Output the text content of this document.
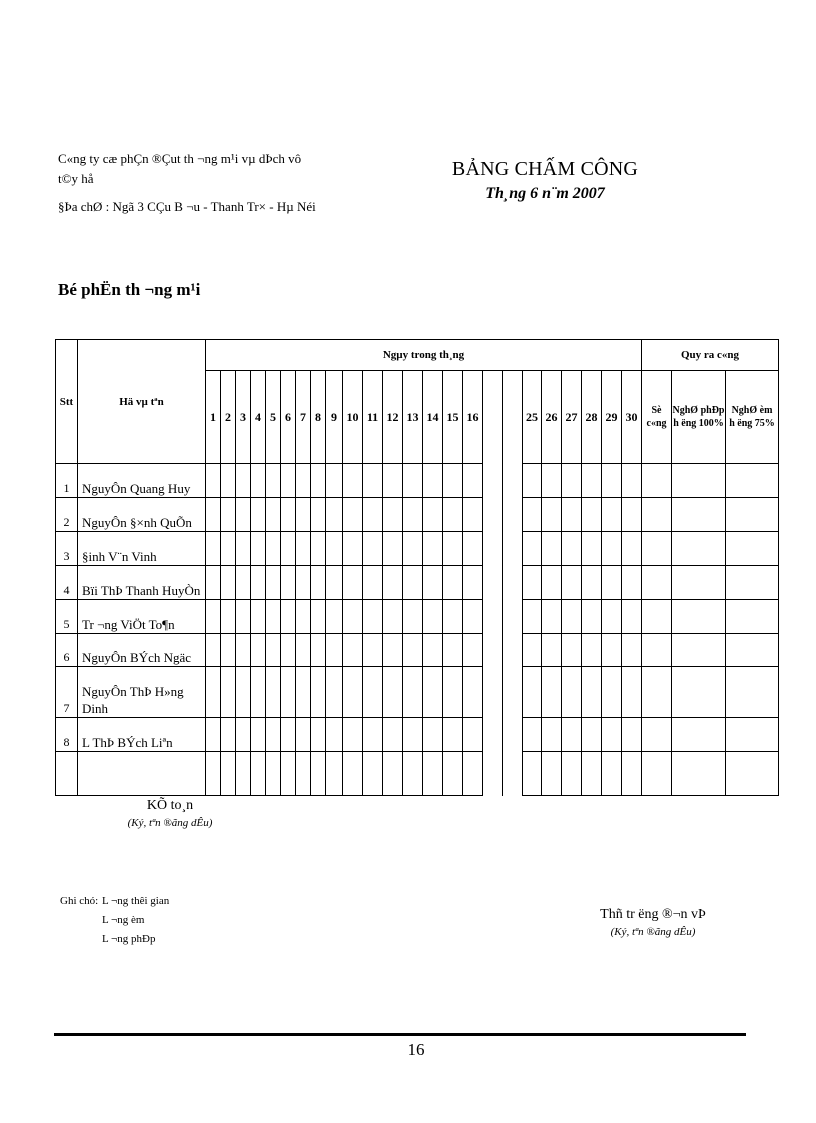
C«ng ty cæ phÇn ®Çut th ¬ng m¹i vµ dÞch vô
t©y hå
§Þa chØ : Ngã 3 CÇu B ¬u - Thanh Tr× - Hµ Néi
BẢNG CHẤM CÔNG
Th¸ng 6 n¨m 2007
Bé phËn th ¬ng m¹i
Stt	Hä vµ tªn	Ngµy trong th¸ng																								Quy ra c«ng		
		1	2	3	4	5	6	7	8	9	10	11	12	13	14	15	16			25	26	27	28	29	30	Sè c«ng	NghØ phÐp h ëng 100%	NghØ èm h ëng 75%
1	NguyÔn Quang Huy																											
2	NguyÔn §×nh QuÕn																											
3	§inh V¨n Vinh																											
4	Bïi ThÞ Thanh HuyÒn																											
5	Tr ¬ng ViÖt To¶n																											
6	NguyÔn BÝch Ngäc																											
7	NguyÔn ThÞ H»ng Dinh																											
8	L ThÞ BÝch Liªn																											

KÕ to¸n
(Ký, tªn ®ãng dÊu)
Ghi chó: L ¬ng thêi gian
L ¬ng èm
L ¬ng phÐp
Thñ tr ëng ®¬n vÞ
(Ký, tªn ®ãng dÊu)
16
